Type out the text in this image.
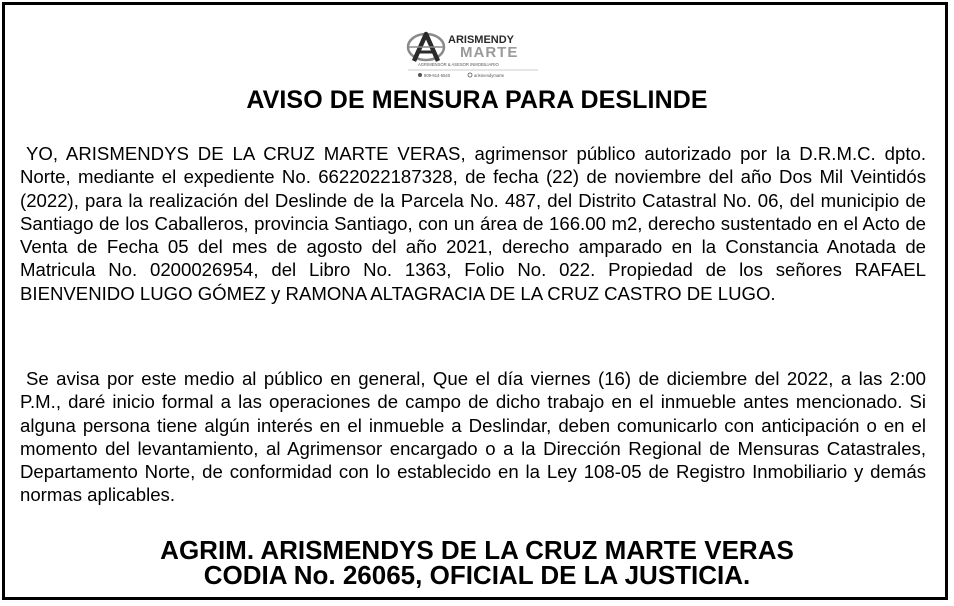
ARISMENDY
MARTE
AGRIMENSOR & ASESOR INMOBILIARIO
809-914-5540	arismendymarte
AVISO DE MENSURA PARA DESLINDE
YO, ARISMENDYS DE LA CRUZ MARTE VERAS, agrimensor público autorizado por la D.R.M.C. dpto. Norte, mediante el expediente No. 6622022187328, de fecha (22) de noviembre del año Dos Mil Veintidós (2022), para la realización del Deslinde de la Parcela No. 487, del Distrito Catastral No. 06, del municipio de Santiago de los Caballeros, provincia Santiago, con un área de 166.00 m2, derecho sustentado en el Acto de Venta de Fecha 05 del mes de agosto del año 2021, derecho amparado en la Constancia Anotada de Matricula No. 0200026954, del Libro No. 1363, Folio No. 022. Propiedad de los señores RAFAEL BIENVENIDO LUGO GÓMEZ y RAMONA ALTAGRACIA DE LA CRUZ CASTRO DE LUGO.
Se avisa por este medio al público en general, Que el día viernes (16) de diciembre del 2022, a las 2:00 P.M., daré inicio formal a las operaciones de campo de dicho trabajo en el inmueble antes mencionado. Si alguna persona tiene algún interés en el inmueble a Deslindar, deben comunicarlo con anticipación o en el momento del levantamiento, al Agrimensor encargado o a la Dirección Regional de Mensuras Catastrales, Departamento Norte, de conformidad con lo establecido en la Ley 108-05 de Registro Inmobiliario y demás normas aplicables.
AGRIM. ARISMENDYS DE LA CRUZ MARTE VERAS
CODIA No. 26065, OFICIAL DE LA JUSTICIA.
